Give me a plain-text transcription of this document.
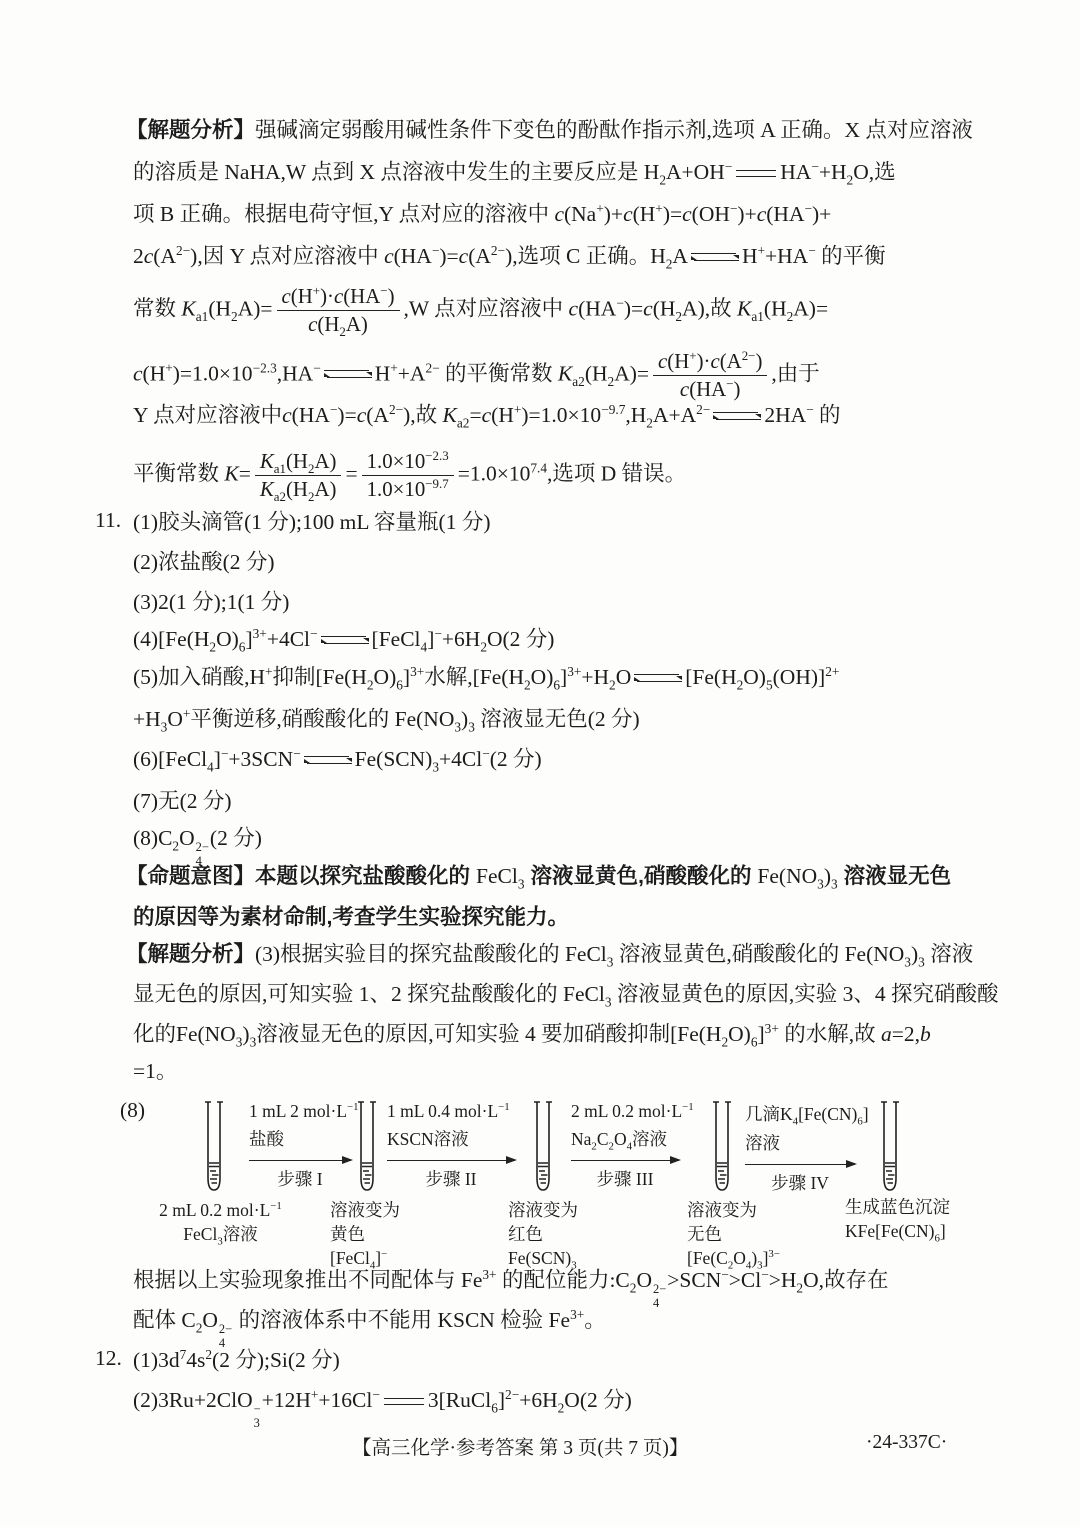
【解题分析】强碱滴定弱酸用碱性条件下变色的酚酞作指示剂,选项 A 正确。X 点对应溶液
的溶质是 NaHA,W 点到 X 点溶液中发生的主要反应是 $H_2A+OH^-$ $HA^-+H_2O$,选
项 B 正确。根据电荷守恒,Y 点对应的溶液中 c(Na+)+c(H+)=c(OH−)+c(HA−)+
$2c(A^{2-})$,因 Y 点对应溶液中 $c(HA^-)=c(A^{2-})$,选项 C 正确。$H_2A$	H++HA− 的平衡
常数 $K_{a1}(H_2A)= \frac{c(H^+)\cdot c(HA^-)}{c(H_2A)} ,W$ 点对应溶液中 $c(HA^-)=c(H_2A)$,故 $K_{a1}(H_2A)=$
$c(H^+)=1.0\times 10^{-2.3},HA^-$	$H^++A^{2-}$ 的平衡常数 $K_{a2}(H_2A)= \frac{c(H^+)\cdot c(A^{2-})}{c(HA^-)}$ ,由于
Y 点对应溶液中$c(HA^-)=c(A^{2-})$,故 $K_{a2}=c(H^+)=1.0\times 10^{-9.7},H_2A+A^{2-}$	2HA− 的
平衡常数 $K= \frac{K_{a1}(H_2A)}{K_{a2}(H_2A)} = \frac{1.0\times 10^{-2.3}}{1.0\times 10^{-9.7}} =1.0\times 10^{7.4}$,选项 D 错误。
11. (1)胶头滴管(1 分);100 mL 容量瓶(1 分)
(2)浓盐酸(2 分)
(3)2(1 分);1(1 分)
$(4)[Fe(H_2O)_6]^{3+}+4Cl^-$	$[FeCl_4]^-+6H_2O(2$ 分)
(5)加入硝酸,H+抑制$[Fe(H_2O)_6]^{3+}$水解$,[Fe(H_2O)_6]^{3+}+H_2O$	$[Fe(H_2O)_5(OH)]^{2+}$
$+H_3O^+$平衡逆移,硝酸酸化的 $Fe(NO_3)_3$ 溶液显无色(2 分)
(6)[FeCl$_4$]−+3SCN−	$Fe(SCN)_3+4Cl^-(2$ 分)
(7)无(2 分)
$(8)C_2O$ 2−
4
(2 分)
【命题意图】本题以探究盐酸酸化的 FeCl$_3$ 溶液显黄色,硝酸酸化的 $Fe(NO_3)_3$ 溶液显无色
的原因等为素材命制,考查学生实验探究能力。
【解题分析】(3)根据实验目的探究盐酸酸化的 FeCl$_3$ 溶液显黄色,硝酸酸化的 $Fe(NO_3)_3$ 溶液
显无色的原因,可知实验 1、2 探究盐酸酸化的 FeCl$_3$ 溶液显黄色的原因,实验 3、4 探究硝酸酸
化的$Fe(NO_3)_3$溶液显无色的原因,可知实验 4 要加硝酸抑制$[Fe(H_2O)_6]^{3+}$ 的水解,故 a=2,b
=1。
(8)	1 mL 2 $mol\cdot L^{-1}$
盐酸
步骤 I
1 mL 0.4 $mol\cdot L^{-1}$
KSCN溶液
步骤 II
2 mL 0.2 $mol\cdot L^{-1}$
$Na_2C_2O_4$溶液
步骤 III
几滴$K_4[Fe(CN)_6]$
溶液
步骤 IV
2 mL 0.2 $mol\cdot L^{-1}$
FeCl$_3$溶液
溶液变为
黄色
[FeCl$_4$]−
溶液变为
红色
$Fe(SCN)_3$
溶液变为
无色
$[Fe(C_2O_4)_3]^{3-}$
生成蓝色沉淀
$KFe[Fe(CN)_6]$
根据以上实验现象推出不同配体与 $Fe^{3+}$ 的配位能力$:C_2O$ 2−
4
$>SCN^->Cl^->H_2O$,故存在
配体 $C_2O$ 2−
4
的溶液体系中不能用 KSCN 检验 $Fe^{3+}$。
12. $(1)3d^74s^2(2$ 分);Si(2 分)
(2)3Ru+2ClO −
3
+12H++16Cl− $3[RuCl_6]^{2-}+6H_2O(2$ 分)
【高三化学·参考答案 第 3 页(共 7 页)】	·24-337C·
